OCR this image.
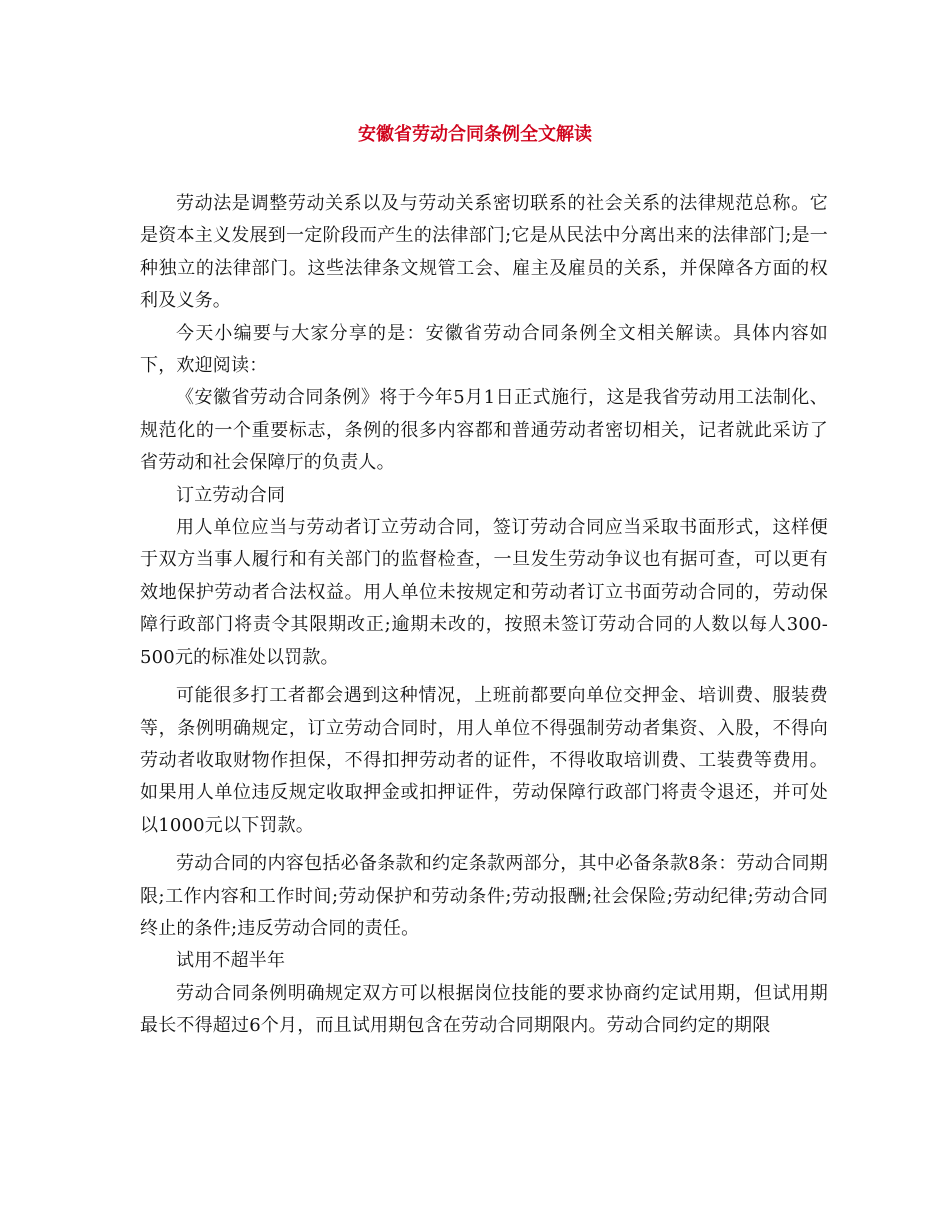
安徽省劳动合同条例全文解读

劳动法是调整劳动关系以及与劳动关系密切联系的社会关系的法律规范总称。它是资本主义发展到一定阶段而产生的法律部门;它是从民法中分离出来的法律部门;是一种独立的法律部门。这些法律条文规管工会、雇主及雇员的关系，并保障各方面的权利及义务。

今天小编要与大家分享的是：安徽省劳动合同条例全文相关解读。具体内容如下，欢迎阅读：

《安徽省劳动合同条例》将于今年5月1日正式施行，这是我省劳动用工法制化、规范化的一个重要标志，条例的很多内容都和普通劳动者密切相关，记者就此采访了省劳动和社会保障厅的负责人。

订立劳动合同

用人单位应当与劳动者订立劳动合同，签订劳动合同应当采取书面形式，这样便于双方当事人履行和有关部门的监督检查，一旦发生劳动争议也有据可查，可以更有效地保护劳动者合法权益。用人单位未按规定和劳动者订立书面劳动合同的，劳动保障行政部门将责令其限期改正;逾期未改的，按照未签订劳动合同的人数以每人300-500元的标准处以罚款。

可能很多打工者都会遇到这种情况，上班前都要向单位交押金、培训费、服装费等，条例明确规定，订立劳动合同时，用人单位不得强制劳动者集资、入股，不得向劳动者收取财物作担保，不得扣押劳动者的证件，不得收取培训费、工装费等费用。如果用人单位违反规定收取押金或扣押证件，劳动保障行政部门将责令退还，并可处以1000元以下罚款。

劳动合同的内容包括必备条款和约定条款两部分，其中必备条款8条：劳动合同期限;工作内容和工作时间;劳动保护和劳动条件;劳动报酬;社会保险;劳动纪律;劳动合同终止的条件;违反劳动合同的责任。

试用不超半年

劳动合同条例明确规定双方可以根据岗位技能的要求协商约定试用期，但试用期最长不得超过6个月，而且试用期包含在劳动合同期限内。劳动合同约定的期限
